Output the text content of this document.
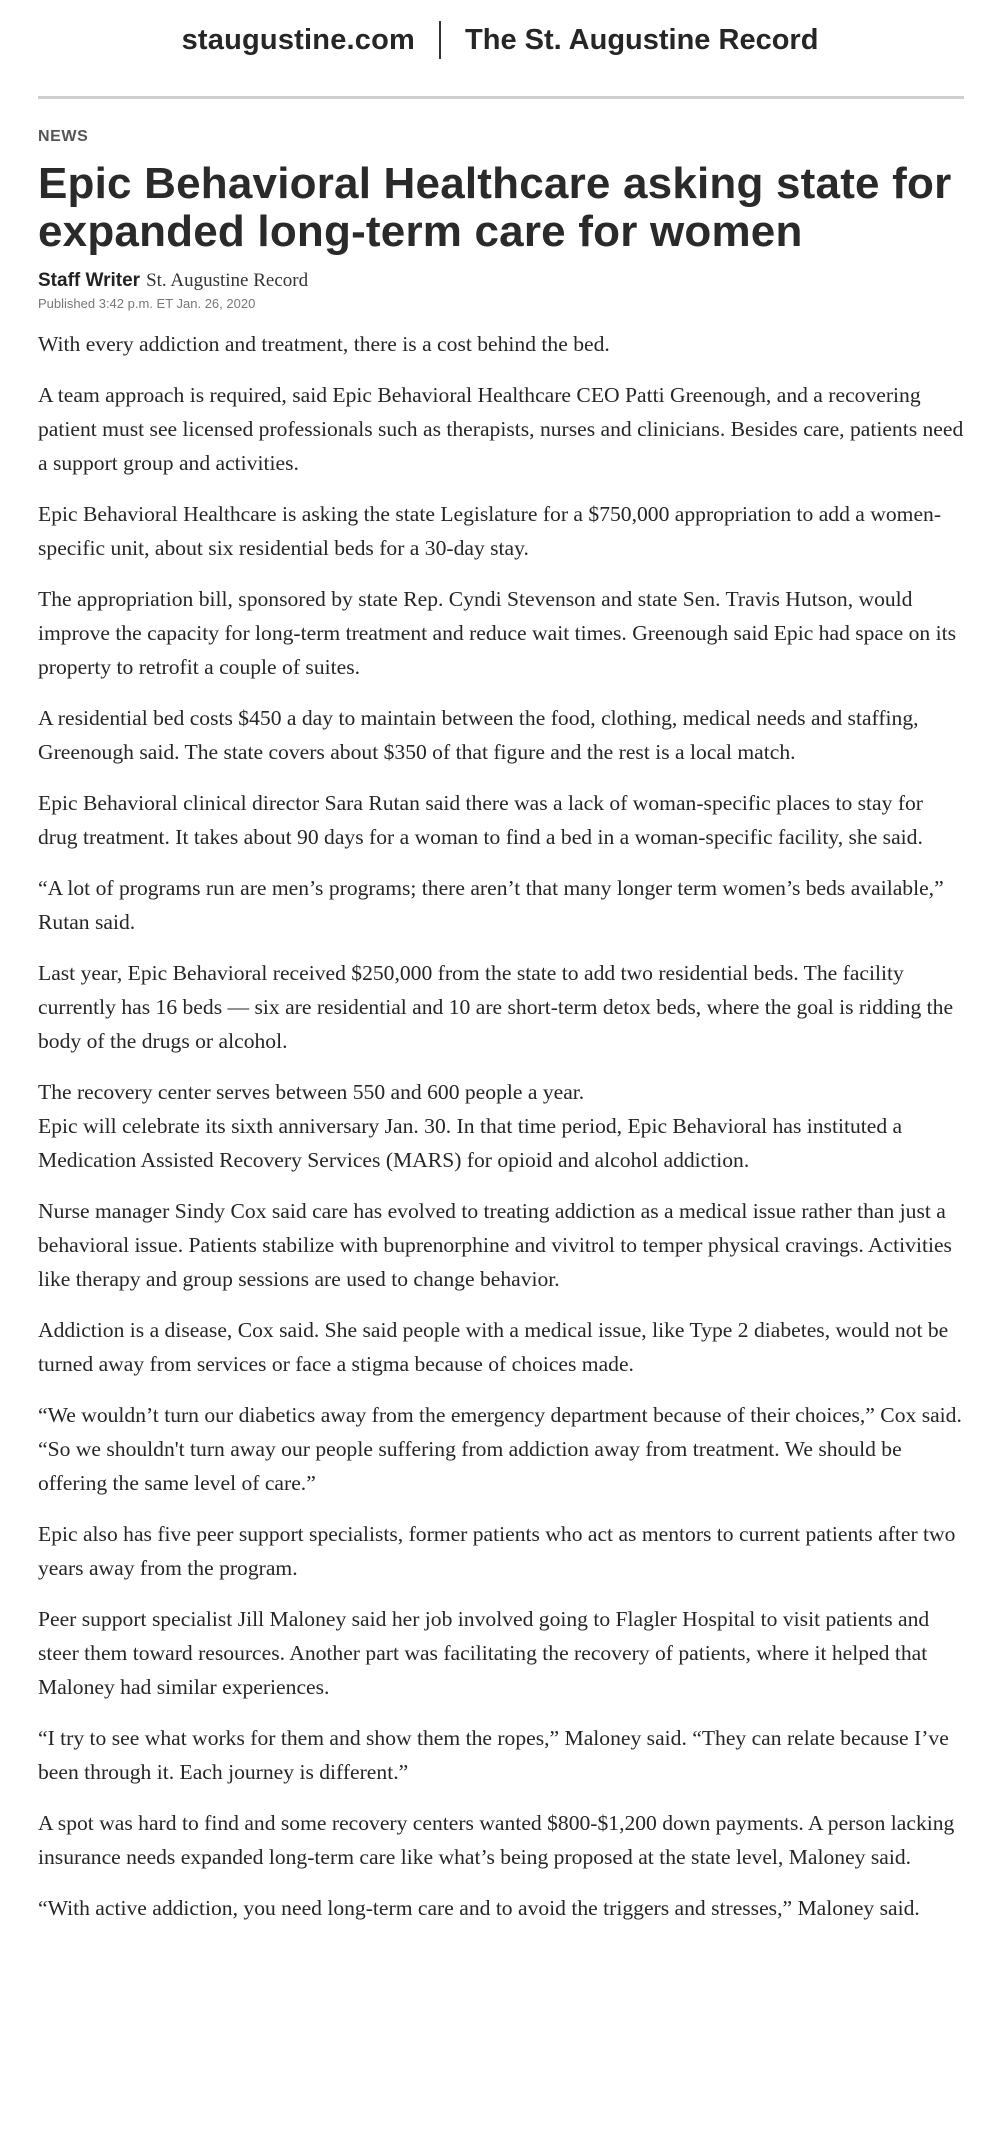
staugustine.com The St. Augustine Record
NEWS
Epic Behavioral Healthcare asking state for expanded long-term care for women
Staff Writer St. Augustine Record
Published 3:42 p.m. ET Jan. 26, 2020

With every addiction and treatment, there is a cost behind the bed.

A team approach is required, said Epic Behavioral Healthcare CEO Patti Greenough, and a recovering patient must see licensed professionals such as therapists, nurses and clinicians. Besides care, patients need a support group and activities.

Epic Behavioral Healthcare is asking the state Legislature for a $750,000 appropriation to add a women-specific unit, about six residential beds for a 30-day stay.

The appropriation bill, sponsored by state Rep. Cyndi Stevenson and state Sen. Travis Hutson, would improve the capacity for long-term treatment and reduce wait times. Greenough said Epic had space on its property to retrofit a couple of suites.

A residential bed costs $450 a day to maintain between the food, clothing, medical needs and staffing, Greenough said. The state covers about $350 of that figure and the rest is a local match.

Epic Behavioral clinical director Sara Rutan said there was a lack of woman-specific places to stay for drug treatment. It takes about 90 days for a woman to find a bed in a woman-specific facility, she said.

“A lot of programs run are men’s programs; there aren’t that many longer term women’s beds available,” Rutan said.

Last year, Epic Behavioral received $250,000 from the state to add two residential beds. The facility currently has 16 beds — six are residential and 10 are short-term detox beds, where the goal is ridding the body of the drugs or alcohol.

The recovery center serves between 550 and 600 people a year.

Epic will celebrate its sixth anniversary Jan. 30. In that time period, Epic Behavioral has instituted a Medication Assisted Recovery Services (MARS) for opioid and alcohol addiction.

Nurse manager Sindy Cox said care has evolved to treating addiction as a medical issue rather than just a behavioral issue. Patients stabilize with buprenorphine and vivitrol to temper physical cravings. Activities like therapy and group sessions are used to change behavior.

Addiction is a disease, Cox said. She said people with a medical issue, like Type 2 diabetes, would not be turned away from services or face a stigma because of choices made.

“We wouldn’t turn our diabetics away from the emergency department because of their choices,” Cox said. “So we shouldn't turn away our people suffering from addiction away from treatment. We should be offering the same level of care.”

Epic also has five peer support specialists, former patients who act as mentors to current patients after two years away from the program.

Peer support specialist Jill Maloney said her job involved going to Flagler Hospital to visit patients and steer them toward resources. Another part was facilitating the recovery of patients, where it helped that Maloney had similar experiences.

“I try to see what works for them and show them the ropes,” Maloney said. “They can relate because I’ve been through it. Each journey is different.”

A spot was hard to find and some recovery centers wanted $800-$1,200 down payments. A person lacking insurance needs expanded long-term care like what’s being proposed at the state level, Maloney said.

“With active addiction, you need long-term care and to avoid the triggers and stresses,” Maloney said.
